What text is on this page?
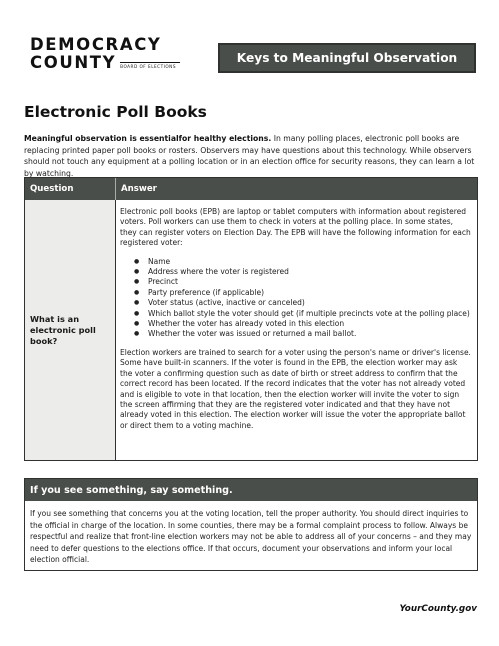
DEMOCRACY
COUNTY BOARD OF ELECTIONS
Keys to Meaningful Observation
Electronic Poll Books

Meaningful observation is essentialfor healthy elections. In many polling places, electronic poll books are replacing printed paper poll books or rosters. Observers may have questions about this technology. While observers should not touch any equipment at a polling location or in an election office for security reasons, they can learn a lot by watching.

Question	Answer
What is an electronic poll book?

Electronic poll books (EPB) are laptop or tablet computers with information about registered voters. Poll workers can use them to check in voters at the polling place. In some states, they can register voters on Election Day. The EPB will have the following information for each registered voter:

● Name
● Address where the voter is registered
● Precinct
● Party preference (if applicable)
● Voter status (active, inactive or canceled)
● Which ballot style the voter should get (if multiple precincts vote at the polling place)
● Whether the voter has already voted in this election
● Whether the voter was issued or returned a mail ballot.

Election workers are trained to search for a voter using the person's name or driver's license. Some have built-in scanners. If the voter is found in the EPB, the election worker may ask the voter a confirming question such as date of birth or street address to confirm that the correct record has been located. If the record indicates that the voter has not already voted and is eligible to vote in that location, then the election worker will invite the voter to sign the screen affirming that they are the registered voter indicated and that they have not already voted in this election. The election worker will issue the voter the appropriate ballot or direct them to a voting machine.

If you see something, say something.

If you see something that concerns you at the voting location, tell the proper authority. You should direct inquiries to the official in charge of the location. In some counties, there may be a formal complaint process to follow. Always be respectful and realize that front-line election workers may not be able to address all of your concerns – and they may need to defer questions to the elections office. If that occurs, document your observations and inform your local election official.

YourCounty.gov
